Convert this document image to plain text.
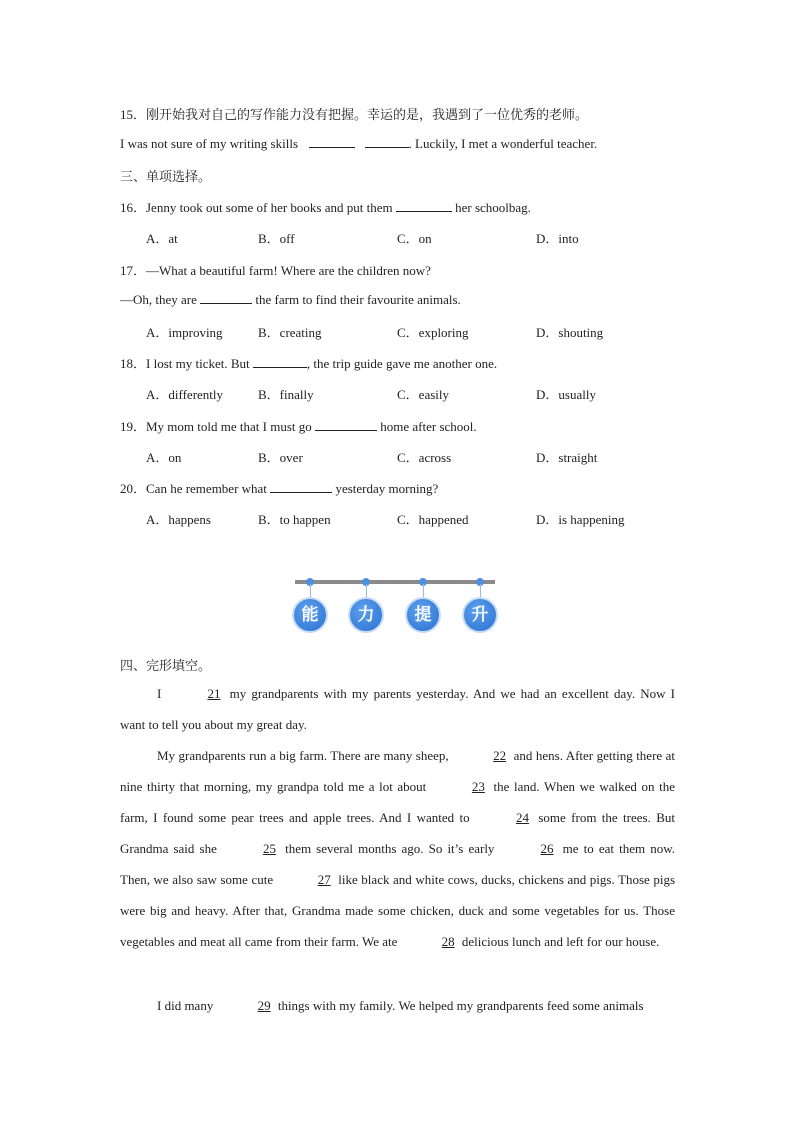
15．刚开始我对自己的写作能力没有把握。幸运的是，我遇到了一位优秀的老师。
I was not sure of my writing skills	. Luckily, I met a wonderful teacher.
三、单项选择。
16．Jenny took out some of her books and put them	her schoolbag.
A．at	B．off	C．on	D．into
17．—What a beautiful farm! Where are the children now?
—Oh, they are	the farm to find their favourite animals.
A．improving	B．creating	C．exploring	D．shouting
18．I lost my ticket. But	, the trip guide gave me another one.
A．differently	B．finally	C．easily	D．usually
19．My mom told me that I must go	home after school.
A．on	B．over	C．across	D．straight
20．Can he remember what	yesterday morning?
A．happens	B．to happen	C．happened	D．is happening
能	力	提	升
四、完形填空。
I	21 my grandparents with my parents yesterday. And we had an excellent day. Now I want to tell you about my great day.
My grandparents run a big farm. There are many sheep,	22 and hens. After getting there at nine thirty that morning, my grandpa told me a lot about	23 the land. When we walked on the farm, I found some pear trees and apple trees. And I wanted to	24 some from the trees. But Grandma said she	25 them several months ago. So it’s early	26 me to eat them now. Then, we also saw some cute	27 like black and white cows, ducks, chickens and pigs. Those pigs were big and heavy. After that, Grandma made some chicken, duck and some vegetables for us. Those vegetables and meat all came from their farm. We ate	28 delicious lunch and left for our house.
I did many	29 things with my family. We helped my grandparents feed some animals
